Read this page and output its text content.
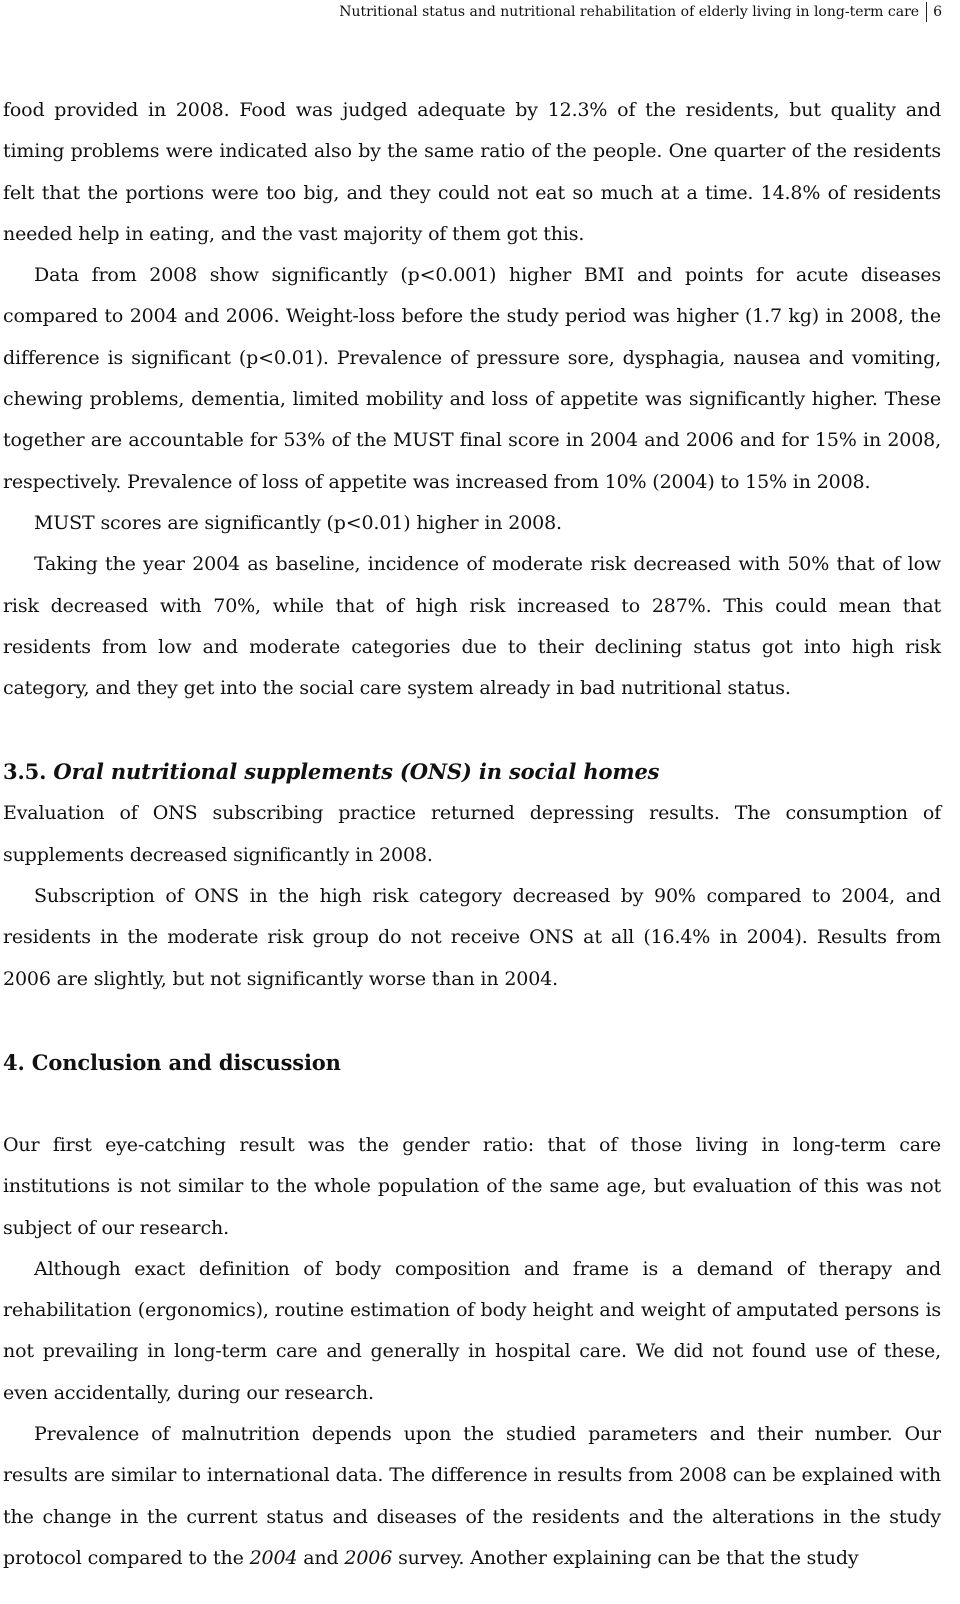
Nutritional status and nutritional rehabilitation of elderly living in long-term care 6

food provided in 2008. Food was judged adequate by 12.3% of the residents, but quality and timing problems were indicated also by the same ratio of the people. One quarter of the residents felt that the portions were too big, and they could not eat so much at a time. 14.8% of residents needed help in eating, and the vast majority of them got this.

Data from 2008 show significantly (p<0.001) higher BMI and points for acute diseases compared to 2004 and 2006. Weight-loss before the study period was higher (1.7 kg) in 2008, the difference is significant (p<0.01). Prevalence of pressure sore, dysphagia, nausea and vomiting, chewing problems, dementia, limited mobility and loss of appetite was significantly higher. These together are accountable for 53% of the MUST final score in 2004 and 2006 and for 15% in 2008, respectively. Prevalence of loss of appetite was increased from 10% (2004) to 15% in 2008.

MUST scores are significantly (p<0.01) higher in 2008.

Taking the year 2004 as baseline, incidence of moderate risk decreased with 50% that of low risk decreased with 70%, while that of high risk increased to 287%. This could mean that residents from low and moderate categories due to their declining status got into high risk category, and they get into the social care system already in bad nutritional status.

3.5. Oral nutritional supplements (ONS) in social homes

Evaluation of ONS subscribing practice returned depressing results. The consumption of supplements decreased significantly in 2008.

Subscription of ONS in the high risk category decreased by 90% compared to 2004, and residents in the moderate risk group do not receive ONS at all (16.4% in 2004). Results from 2006 are slightly, but not significantly worse than in 2004.

4. Conclusion and discussion

Our first eye-catching result was the gender ratio: that of those living in long-term care institutions is not similar to the whole population of the same age, but evaluation of this was not subject of our research.

Although exact definition of body composition and frame is a demand of therapy and rehabilitation (ergonomics), routine estimation of body height and weight of amputated persons is not prevailing in long-term care and generally in hospital care. We did not found use of these, even accidentally, during our research.

Prevalence of malnutrition depends upon the studied parameters and their number. Our results are similar to international data. The difference in results from 2008 can be explained with the change in the current status and diseases of the residents and the alterations in the study protocol compared to the 2004 and 2006 survey. Another explaining can be that the study
